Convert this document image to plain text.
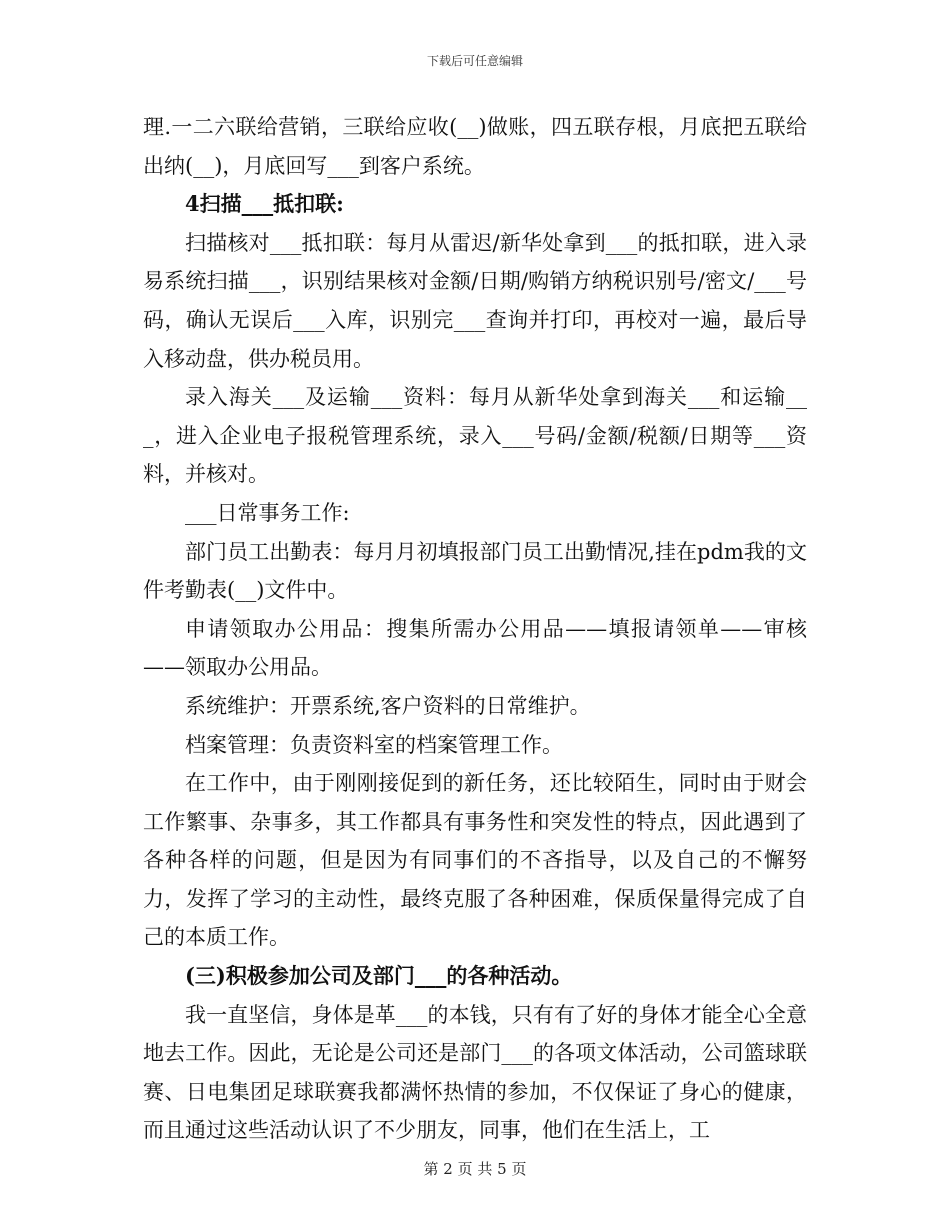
下载后可任意编辑

理.一二六联给营销，三联给应收(__)做账，四五联存根，月底把五联给出纳(__)，月底回写___到客户系统。

4扫描___抵扣联:

扫描核对___抵扣联：每月从雷迟/新华处拿到___的抵扣联，进入录易系统扫描___，识别结果核对金额/日期/购销方纳税识别号/密文/___号码，确认无误后___入库，识别完___查询并打印，再校对一遍，最后导入移动盘，供办税员用。

录入海关___及运输___资料：每月从新华处拿到海关___和运输___，进入企业电子报税管理系统，录入___号码/金额/税额/日期等___资料，并核对。

___日常事务工作:

部门员工出勤表：每月月初填报部门员工出勤情况,挂在pdm我的文件考勤表(__)文件中。

申请领取办公用品：搜集所需办公用品——填报请领单——审核——领取办公用品。

系统维护：开票系统,客户资料的日常维护。

档案管理：负责资料室的档案管理工作。

在工作中，由于刚刚接促到的新任务，还比较陌生，同时由于财会工作繁事、杂事多，其工作都具有事务性和突发性的特点，因此遇到了各种各样的问题，但是因为有同事们的不吝指导，以及自己的不懈努力，发挥了学习的主动性，最终克服了各种困难，保质保量得完成了自己的本质工作。

(三)积极参加公司及部门___的各种活动。

我一直坚信，身体是革___的本钱，只有有了好的身体才能全心全意地去工作。因此，无论是公司还是部门___的各项文体活动，公司篮球联赛、日电集团足球联赛我都满怀热情的参加，不仅保证了身心的健康，而且通过这些活动认识了不少朋友，同事，他们在生活上，工

第 2 页 共 5 页
